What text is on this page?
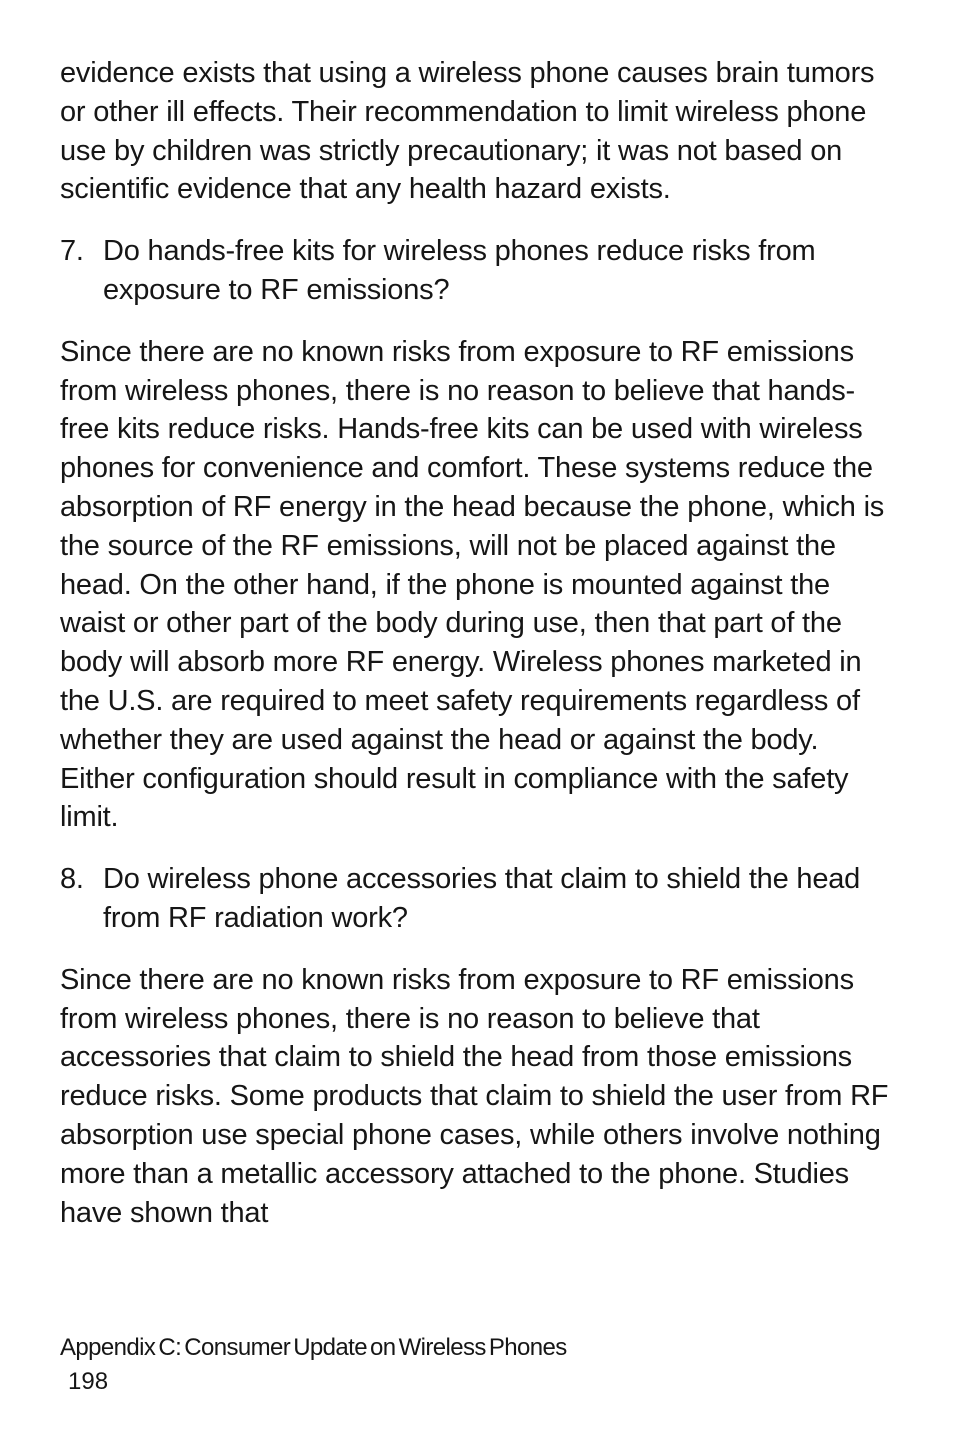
evidence exists that using a wireless phone causes brain tumors or other ill effects. Their recommendation to limit wireless phone use by children was strictly precautionary; it was not based on scientific evidence that any health hazard exists.

7. Do hands-free kits for wireless phones reduce risks from exposure to RF emissions?

Since there are no known risks from exposure to RF emissions from wireless phones, there is no reason to believe that hands-free kits reduce risks. Hands-free kits can be used with wireless phones for convenience and comfort. These systems reduce the absorption of RF energy in the head because the phone, which is the source of the RF emissions, will not be placed against the head. On the other hand, if the phone is mounted against the waist or other part of the body during use, then that part of the body will absorb more RF energy. Wireless phones marketed in the U.S. are required to meet safety requirements regardless of whether they are used against the head or against the body. Either configuration should result in compliance with the safety limit.

8. Do wireless phone accessories that claim to shield the head from RF radiation work?

Since there are no known risks from exposure to RF emissions from wireless phones, there is no reason to believe that accessories that claim to shield the head from those emissions reduce risks. Some products that claim to shield the user from RF absorption use special phone cases, while others involve nothing more than a metallic accessory attached to the phone. Studies have shown that

Appendix C: Consumer Update on Wireless Phones
198
